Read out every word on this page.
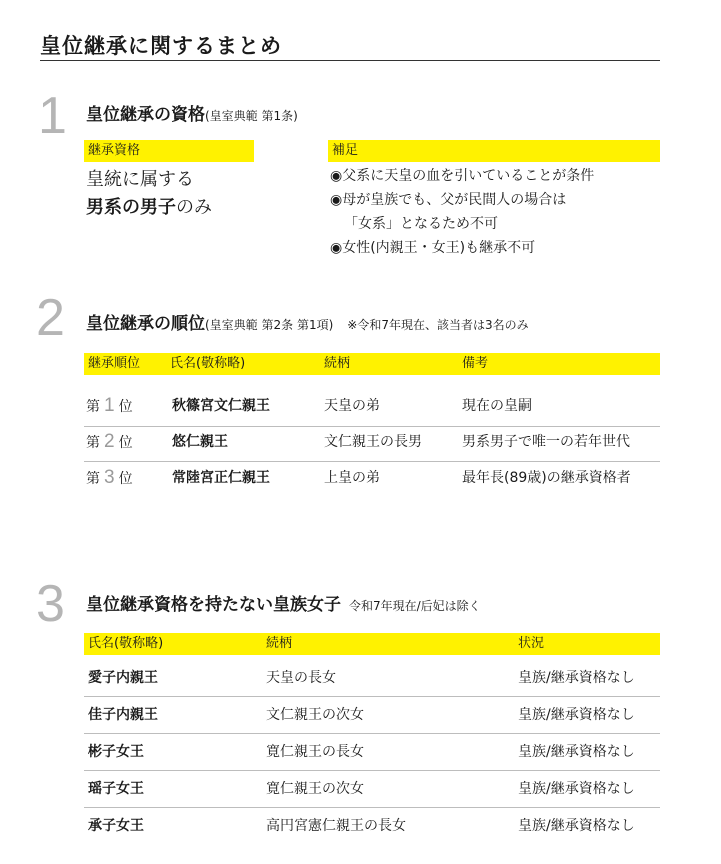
皇位継承に関するまとめ
1 皇位継承の資格(皇室典範 第1条)
継承資格
皇統に属する
男系の男子のみ
補足
◉父系に天皇の血を引いていることが条件
◉母が皇族でも、父が民間人の場合は
「女系」となるため不可
◉女性(内親王・女王)も継承不可
2 皇位継承の順位(皇室典範 第2条 第1項) ※令和7年現在、該当者は3名のみ
継承順位 氏名(敬称略)	続柄	備考
第 1 位	秋篠宮文仁親王	天皇の弟	現在の皇嗣
第 2 位	悠仁親王	文仁親王の長男	男系男子で唯一の若年世代
第 3 位	常陸宮正仁親王	上皇の弟	最年長(89歳)の継承資格者
3 皇位継承資格を持たない皇族女子 令和7年現在/后妃は除く
氏名(敬称略)	続柄	状況
愛子内親王	天皇の長女	皇族/継承資格なし
佳子内親王	文仁親王の次女	皇族/継承資格なし
彬子女王	寛仁親王の長女	皇族/継承資格なし
瑶子女王	寛仁親王の次女	皇族/継承資格なし
承子女王	高円宮憲仁親王の長女	皇族/継承資格なし
